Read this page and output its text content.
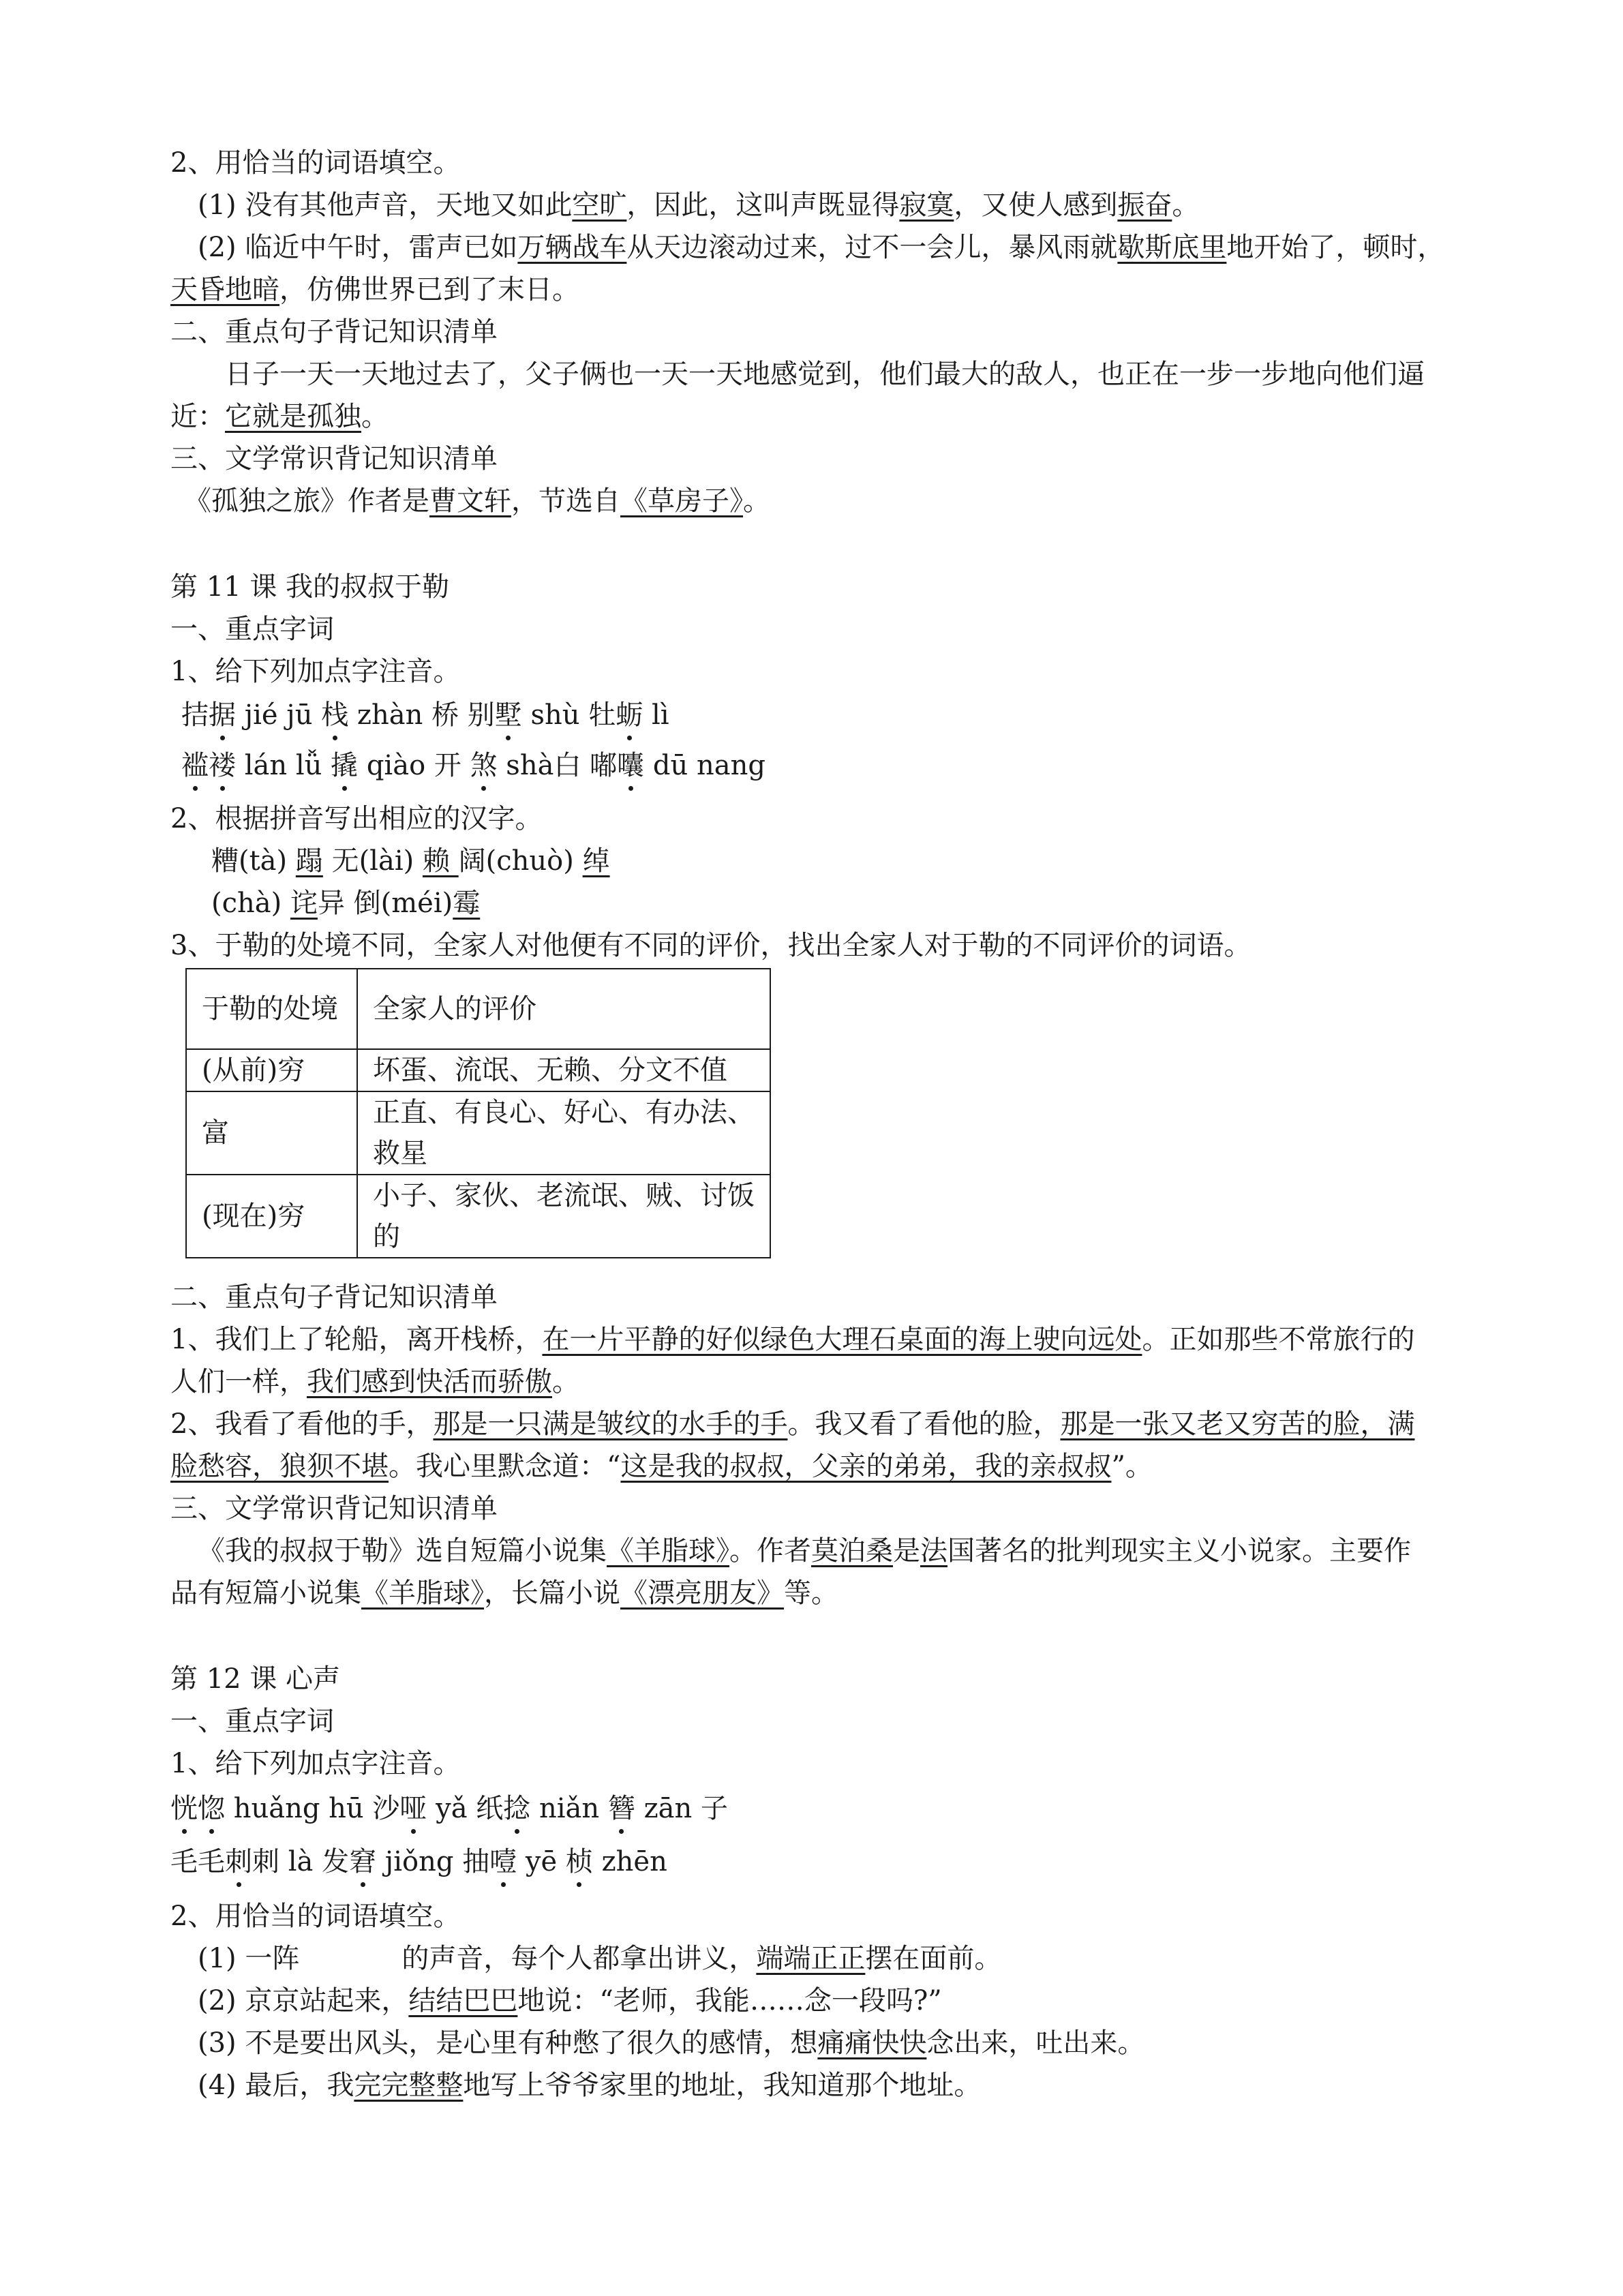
2、用恰当的词语填空。
(1) 没有其他声音，天地又如此空旷，因此，这叫声既显得寂寞，又使人感到振奋。
(2) 临近中午时，雷声已如万辆战车从天边滚动过来，过不一会儿，暴风雨就歇斯底里地开始了，顿时，
天昏地暗，仿佛世界已到了末日。
二、重点句子背记知识清单
日子一天一天地过去了，父子俩也一天一天地感觉到，他们最大的敌人，也正在一步一步地向他们逼
近：它就是孤独。
三、文学常识背记知识清单
《孤独之旅》作者是曹文轩，节选自《草房子》。
第 11 课 我的叔叔于勒
一、重点字词
1、给下列加点字注音。
拮据 jié jū 栈 zhàn 桥 别墅 shù 牡蛎 lì
褴褛 lán lǚ 撬 qiào 开 煞 shà白 嘟囔 dū nang
2、根据拼音写出相应的汉字。
糟(tà) 蹋 无(lài) 赖 阔(chuò) 绰
(chà) 诧异 倒(méi)霉
3、于勒的处境不同，全家人对他便有不同的评价，找出全家人对于勒的不同评价的词语。
二、重点句子背记知识清单
1、我们上了轮船，离开栈桥，在一片平静的好似绿色大理石桌面的海上驶向远处。正如那些不常旅行的
人们一样，我们感到快活而骄傲。
2、我看了看他的手，那是一只满是皱纹的水手的手。我又看了看他的脸，那是一张又老又穷苦的脸，满
脸愁容，狼狈不堪。我心里默念道：“这是我的叔叔，父亲的弟弟，我的亲叔叔”。
三、文学常识背记知识清单
《我的叔叔于勒》选自短篇小说集《羊脂球》。作者莫泊桑是法国著名的批判现实主义小说家。主要作
品有短篇小说集《羊脂球》，长篇小说《漂亮朋友》等。
第 12 课 心声
一、重点字词
1、给下列加点字注音。
恍惚 huǎng hū 沙哑 yǎ 纸捻 niǎn 簪 zān 子
毛毛刺刺 là 发窘 jiǒng 抽噎 yē 桢 zhēn
2、用恰当的词语填空。
(1) 一阵	的声音，每个人都拿出讲义，端端正正摆在面前。
(2) 京京站起来，结结巴巴地说：“老师，我能……念一段吗?”
(3) 不是要出风头，是心里有种憋了很久的感情，想痛痛快快念出来，吐出来。
(4) 最后，我完完整整地写上爷爷家里的地址，我知道那个地址。
于勒的处境	全家人的评价
(从前)穷	坏蛋、流氓、无赖、分文不值
富	正直、有良心、好心、有办法、救星
(现在)穷	小子、家伙、老流氓、贼、讨饭的
